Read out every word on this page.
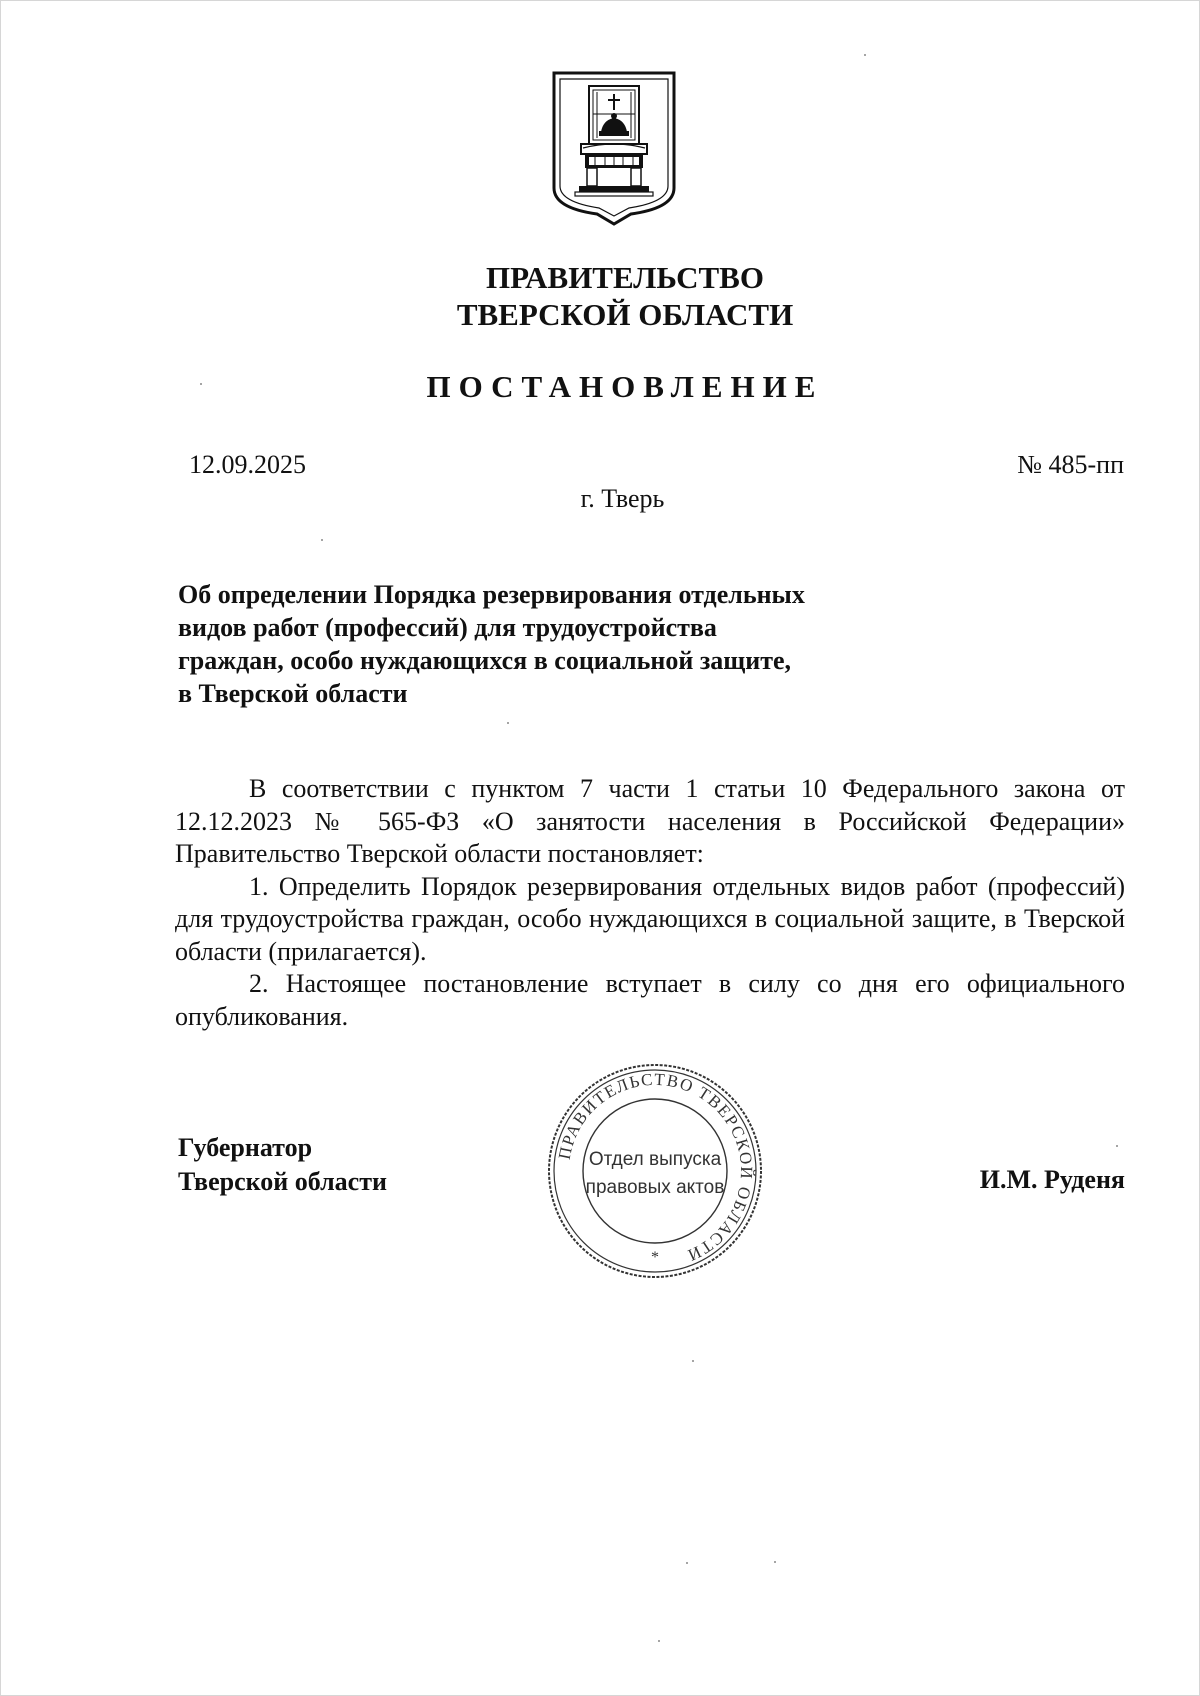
ПРАВИТЕЛЬСТВО
ТВЕРСКОЙ ОБЛАСТИ
ПОСТАНОВЛЕНИЕ
12.09.2025	№ 485-пп
г. Тверь
Об определении Порядка резервирования отдельных
видов работ (профессий) для трудоустройства
граждан, особо нуждающихся в социальной защите,
в Тверской области

В соответствии с пунктом 7 части 1 статьи 10 Федерального закона от 12.12.2023 № 565-ФЗ «О занятости населения в Российской Федерации» Правительство Тверской области постановляет:

1. Определить Порядок резервирования отдельных видов работ (профессий) для трудоустройства граждан, особо нуждающихся в социальной защите, в Тверской области (прилагается).

2. Настоящее постановление вступает в силу со дня его официального опубликования.

Губернатор
Тверской области
ПРАВИТЕЛЬСТВО ТВЕРСКОЙ ОБЛАСТИ
Отдел выпуска
правовых актов
*
И.М. Руденя
